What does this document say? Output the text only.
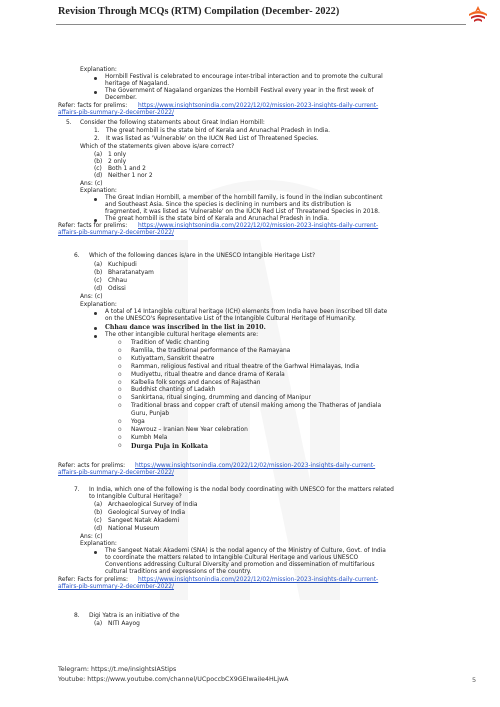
Revision Through MCQs (RTM) Compilation (December- 2022)
Explanation:
Hornbill Festival is celebrated to encourage inter-tribal interaction and to promote the cultural
heritage of Nagaland.
The Government of Nagaland organizes the Hornbill Festival every year in the first week of
December.
Refer: facts for prelims: https://www.insightsonindia.com/2022/12/02/mission-2023-insights-daily-current-
affairs-pib-summary-2-december-2022/
5. Consider the following statements about Great Indian Hornbill:
1. The great hornbill is the state bird of Kerala and Arunachal Pradesh in India.
2. It was listed as 'Vulnerable' on the IUCN Red List of Threatened Species.
Which of the statements given above is/are correct?
(a) 1 only
(b) 2 only
(c) Both 1 and 2
(d) Neither 1 nor 2
Ans: (c)
Explanation:
The Great Indian Hornbill, a member of the hornbill family, is found in the Indian subcontinent
and Southeast Asia. Since the species is declining in numbers and its distribution is
fragmented, it was listed as 'Vulnerable' on the IUCN Red List of Threatened Species in 2018.
The great hornbill is the state bird of Kerala and Arunachal Pradesh in India.
Refer: facts for prelims: https://www.insightsonindia.com/2022/12/02/mission-2023-insights-daily-current-
affairs-pib-summary-2-december-2022/
6. Which of the following dances is/are in the UNESCO Intangible Heritage List?
(a) Kuchipudi
(b) Bharatanatyam
(c) Chhau
(d) Odissi
Ans: (c)
Explanation:
A total of 14 Intangible cultural heritage (ICH) elements from India have been inscribed till date
on the UNESCO's Representative List of the Intangible Cultural Heritage of Humanity.
Chhau dance was inscribed in the list in 2010.
The other intangible cultural heritage elements are:
o Tradition of Vedic chanting
o Ramlila, the traditional performance of the Ramayana
o Kutiyattam, Sanskrit theatre
o Ramman, religious festival and ritual theatre of the Garhwal Himalayas, India
o Mudiyettu, ritual theatre and dance drama of Kerala
o Kalbelia folk songs and dances of Rajasthan
o Buddhist chanting of Ladakh
o Sankirtana, ritual singing, drumming and dancing of Manipur
o Traditional brass and copper craft of utensil making among the Thatheras of Jandiala
Guru, Punjab
o Yoga
o Nawrouz – Iranian New Year celebration
o Kumbh Mela
o Durga Puja in Kolkata
Refer: acts for prelims: https://www.insightsonindia.com/2022/12/02/mission-2023-insights-daily-current-
affairs-pib-summary-2-december-2022/
7. In India, which one of the following is the nodal body coordinating with UNESCO for the matters related
to Intangible Cultural Heritage?
(a) Archaeological Survey of India
(b) Geological Survey of India
(c) Sangeet Natak Akademi
(d) National Museum
Ans: (c)
Explanation:
The Sangeet Natak Akademi (SNA) is the nodal agency of the Ministry of Culture, Govt. of India
to coordinate the matters related to Intangible Cultural Heritage and various UNESCO
Conventions addressing Cultural Diversity and promotion and dissemination of multifarious
cultural traditions and expressions of the country.
Refer: Facts for prelims: https://www.insightsonindia.com/2022/12/02/mission-2023-insights-daily-current-
affairs-pib-summary-2-december-2022/
8. Digi Yatra is an initiative of the
(a) NITI Aayog
Telegram: https://t.me/insightsIAStips
Youtube: https://www.youtube.com/channel/UCpoccbCX9GEIwaiIe4HLjwA	5
